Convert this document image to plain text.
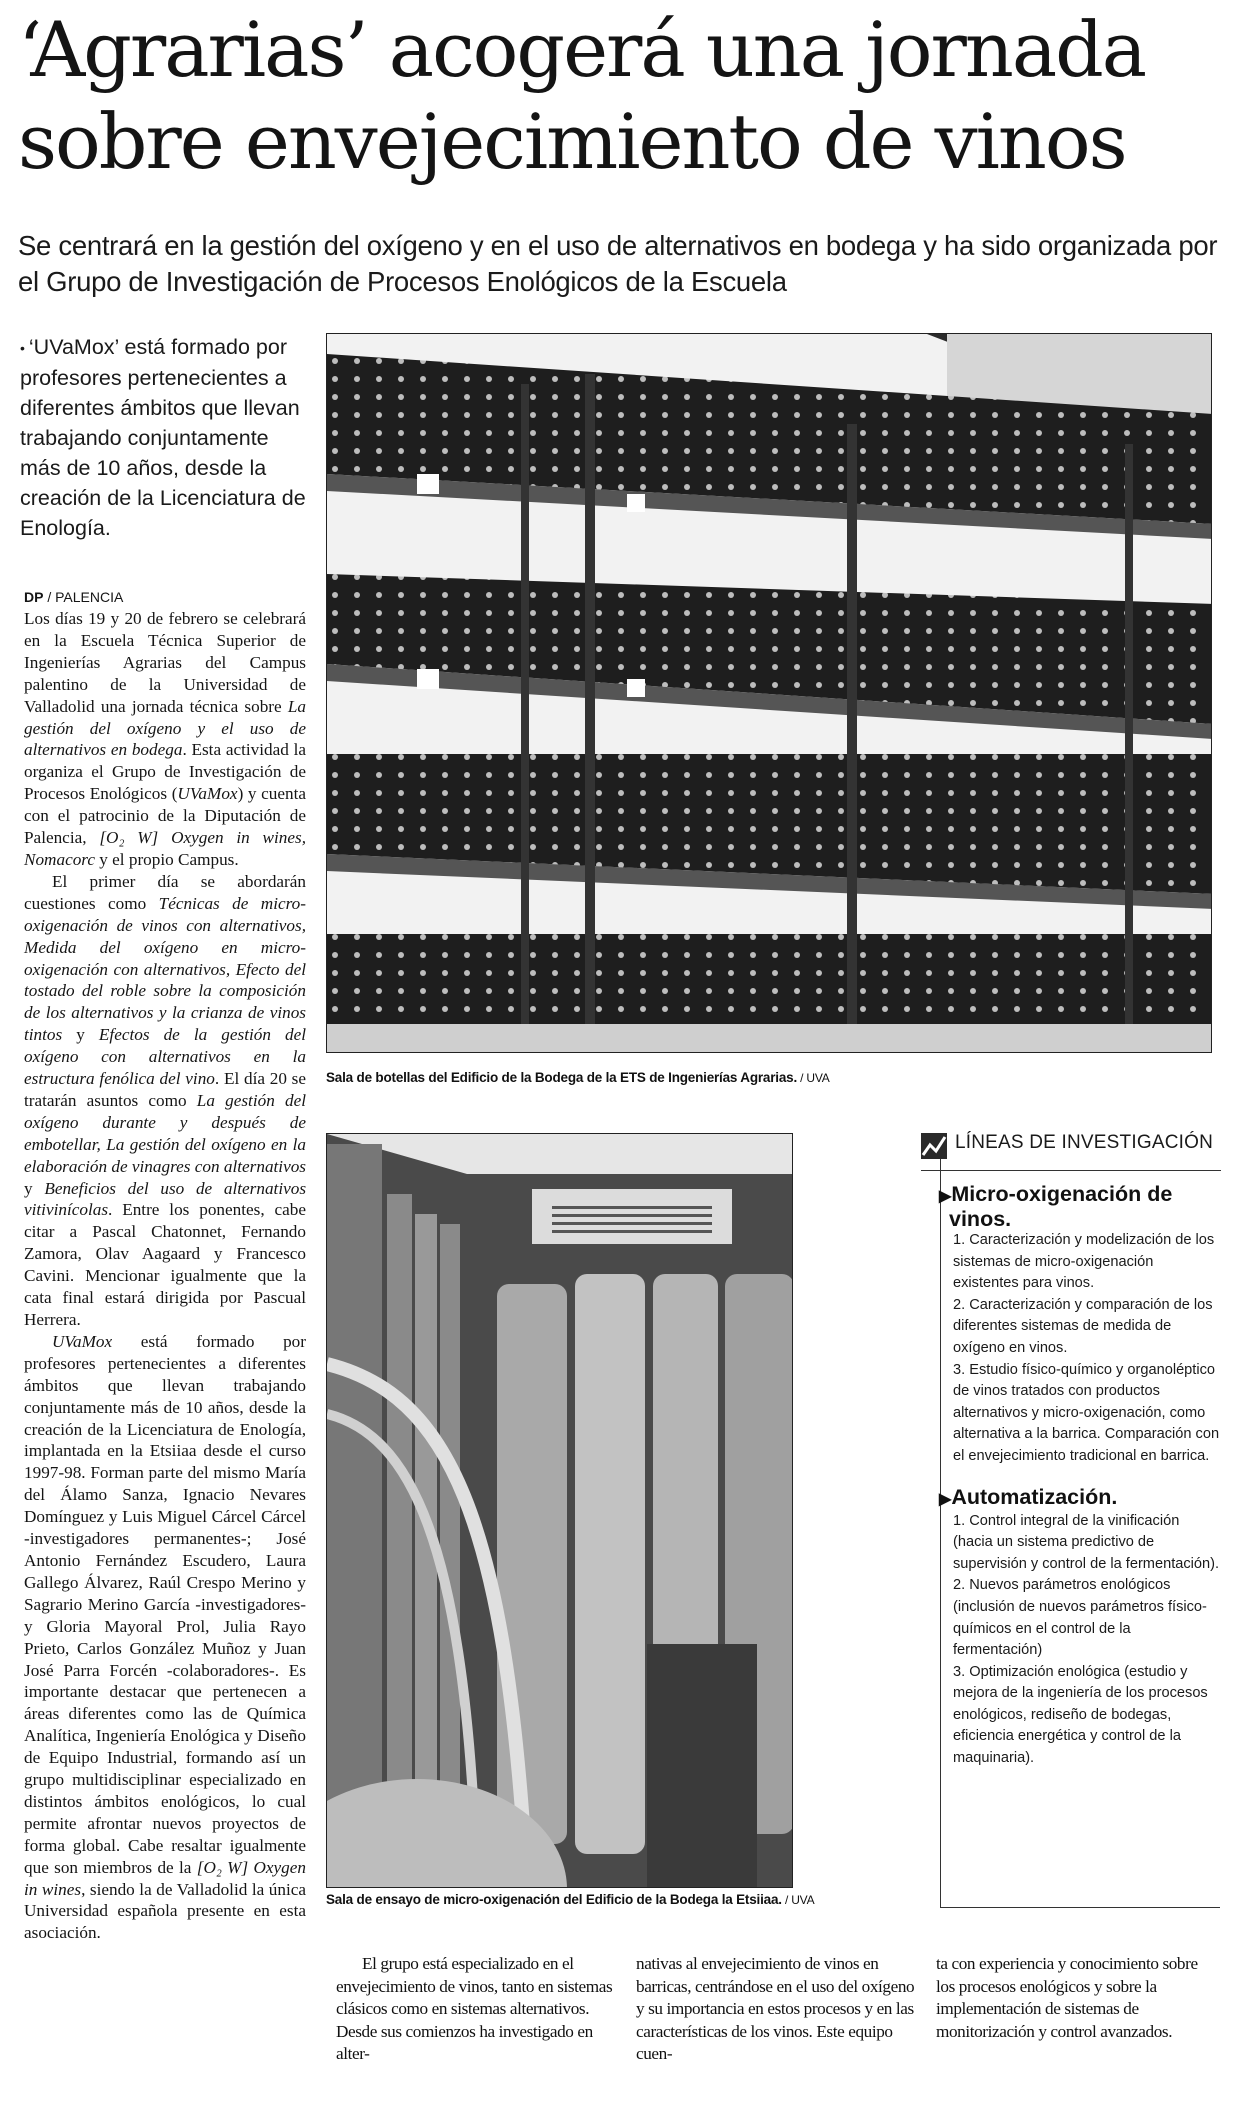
‘Agrarias’ acogerá una jornada
sobre envejecimiento de vinos

Se centrará en la gestión del oxígeno y en el uso de alternativos en bodega y ha sido organizada por el Grupo de Investigación de Procesos Enológicos de la Escuela

• ‘UVaMox’ está formado por profesores pertenecientes a diferentes ámbitos que llevan trabajando conjuntamente más de 10 años, desde la creación de la Licenciatura de Enología.
DP / PALENCIA

Los días 19 y 20 de febrero se celebrará en la Escuela Técnica Superior de Ingenierías Agrarias del Campus palentino de la Universidad de Valladolid una jornada técnica sobre La gestión del oxígeno y el uso de alternativos en bodega. Esta actividad la organiza el Grupo de Investigación de Procesos Enológicos (UVaMox) y cuenta con el patrocinio de la Diputación de Palencia, [O₂ W] Oxygen in wines, Nomacorc y el propio Campus.

El primer día se abordarán cuestiones como Técnicas de micro-oxigenación de vinos con alternativos, Medida del oxígeno en micro-oxigenación con alternativos, Efecto del tostado del roble sobre la composición de los alternativos y la crianza de vinos tintos y Efectos de la gestión del oxígeno con alternativos en la estructura fenólica del vino. El día 20 se tratarán asuntos como La gestión del oxígeno durante y después de embotellar, La gestión del oxígeno en la elaboración de vinagres con alternativos y Beneficios del uso de alternativos vitivinícolas. Entre los ponentes, cabe citar a Pascal Chatonnet, Fernando Zamora, Olav Aagaard y Francesco Cavini. Mencionar igualmente que la cata final estará dirigida por Pascual Herrera.

UVaMox está formado por profesores pertenecientes a diferentes ámbitos que llevan trabajando conjuntamente más de 10 años, desde la creación de la Licenciatura de Enología, implantada en la Etsiiaa desde el curso 1997-98. Forman parte del mismo María del Álamo Sanza, Ignacio Nevares Domínguez y Luis Miguel Cárcel Cárcel -investigadores permanentes-; José Antonio Fernández Escudero, Laura Gallego Álvarez, Raúl Crespo Merino y Sagrario Merino García -investigadores- y Gloria Mayoral Prol, Julia Rayo Prieto, Carlos González Muñoz y Juan José Parra Forcén -colaboradores-. Es importante destacar que pertenecen a áreas diferentes como las de Química Analítica, Ingeniería Enológica y Diseño de Equipo Industrial, formando así un grupo multidisciplinar especializado en distintos ámbitos enológicos, lo cual permite afrontar nuevos proyectos de forma global. Cabe resaltar igualmente que son miembros de la [O₂ W] Oxygen in wines, siendo la de Valladolid la única Universidad española presente en esta asociación.

Sala de botellas del Edificio de la Bodega de la ETS de Ingenierías Agrarias. / UVA
Sala de ensayo de micro-oxigenación del Edificio de la Bodega la Etsiiaa. / UVA
LÍNEAS DE INVESTIGACIÓN
▶Micro-oxigenación de vinos.
1. Caracterización y modelización de los sistemas de micro-oxigenación existentes para vinos.
2. Caracterización y comparación de los diferentes sistemas de medida de oxígeno en vinos.
3. Estudio físico-químico y organoléptico de vinos tratados con productos alternativos y micro-oxigenación, como alternativa a la barrica. Comparación con el envejecimiento tradicional en barrica.
▶Automatización.
1. Control integral de la vinificación (hacia un sistema predictivo de supervisión y control de la fermentación).
2. Nuevos parámetros enológicos (inclusión de nuevos parámetros físico-químicos en el control de la fermentación)
3. Optimización enológica (estudio y mejora de la ingeniería de los procesos enológicos, rediseño de bodegas, eficiencia energética y control de la maquinaria).

El grupo está especializado en el envejecimiento de vinos, tanto en sistemas clásicos como en sistemas alternativos. Desde sus comienzos ha investigado en alter-

nativas al envejecimiento de vinos en barricas, centrándose en el uso del oxígeno y su importancia en estos procesos y en las características de los vinos. Este equipo cuen-

ta con experiencia y conocimiento sobre los procesos enológicos y sobre la implementación de sistemas de monitorización y control avanzados.
